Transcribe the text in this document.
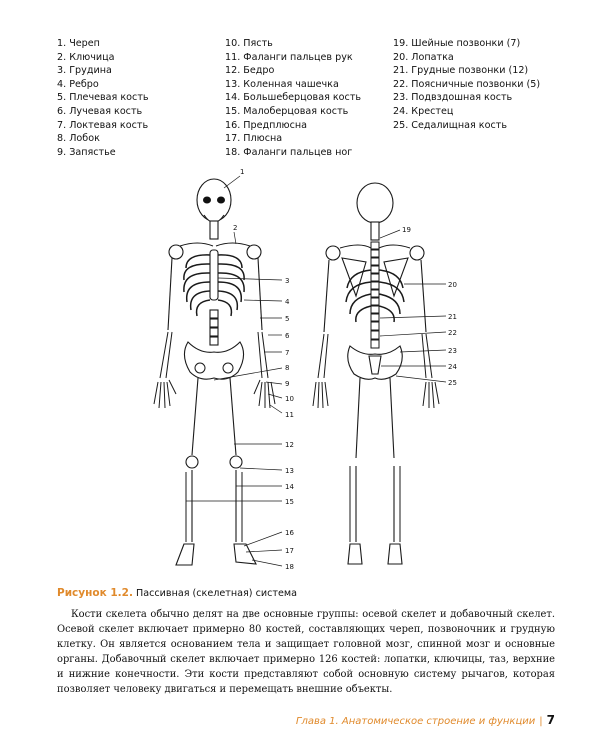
1. Череп
2. Ключица
3. Грудина
4. Ребро
5. Плечевая кость
6. Лучевая кость
7. Локтевая кость
8. Лобок
9. Запястье
10. Пясть
11. Фаланги пальцев рук
12. Бедро
13. Коленная чашечка
14. Большеберцовая кость
15. Малоберцовая кость
16. Предплюсна
17. Плюсна
18. Фаланги пальцев ног
19. Шейные позвонки (7)
20. Лопатка
21. Грудные позвонки (12)
22. Поясничные позвонки (5)
23. Подвздошная кость
24. Крестец
25. Седалищная кость
1
2
3
4
5
6
7
8
9
10
11
12
13
14
15
16
17
18
19
20
21
22
23
24
25
Рисунок 1.2. Пассивная (скелетная) система

Кости скелета обычно делят на две основные группы: осевой скелет и добавочный скелет. Осевой скелет включает примерно 80 костей, составляющих череп, позвоночник и грудную клетку. Он является основанием тела и защищает головной мозг, спинной мозг и основные органы. Добавочный скелет включает примерно 126 костей: лопатки, ключицы, таз, верхние и нижние конечности. Эти кости представляют собой основную систему рычагов, которая позволяет человеку двигаться и перемещать внешние объекты.

Глава 1. Анатомическое строение и функции | 7
